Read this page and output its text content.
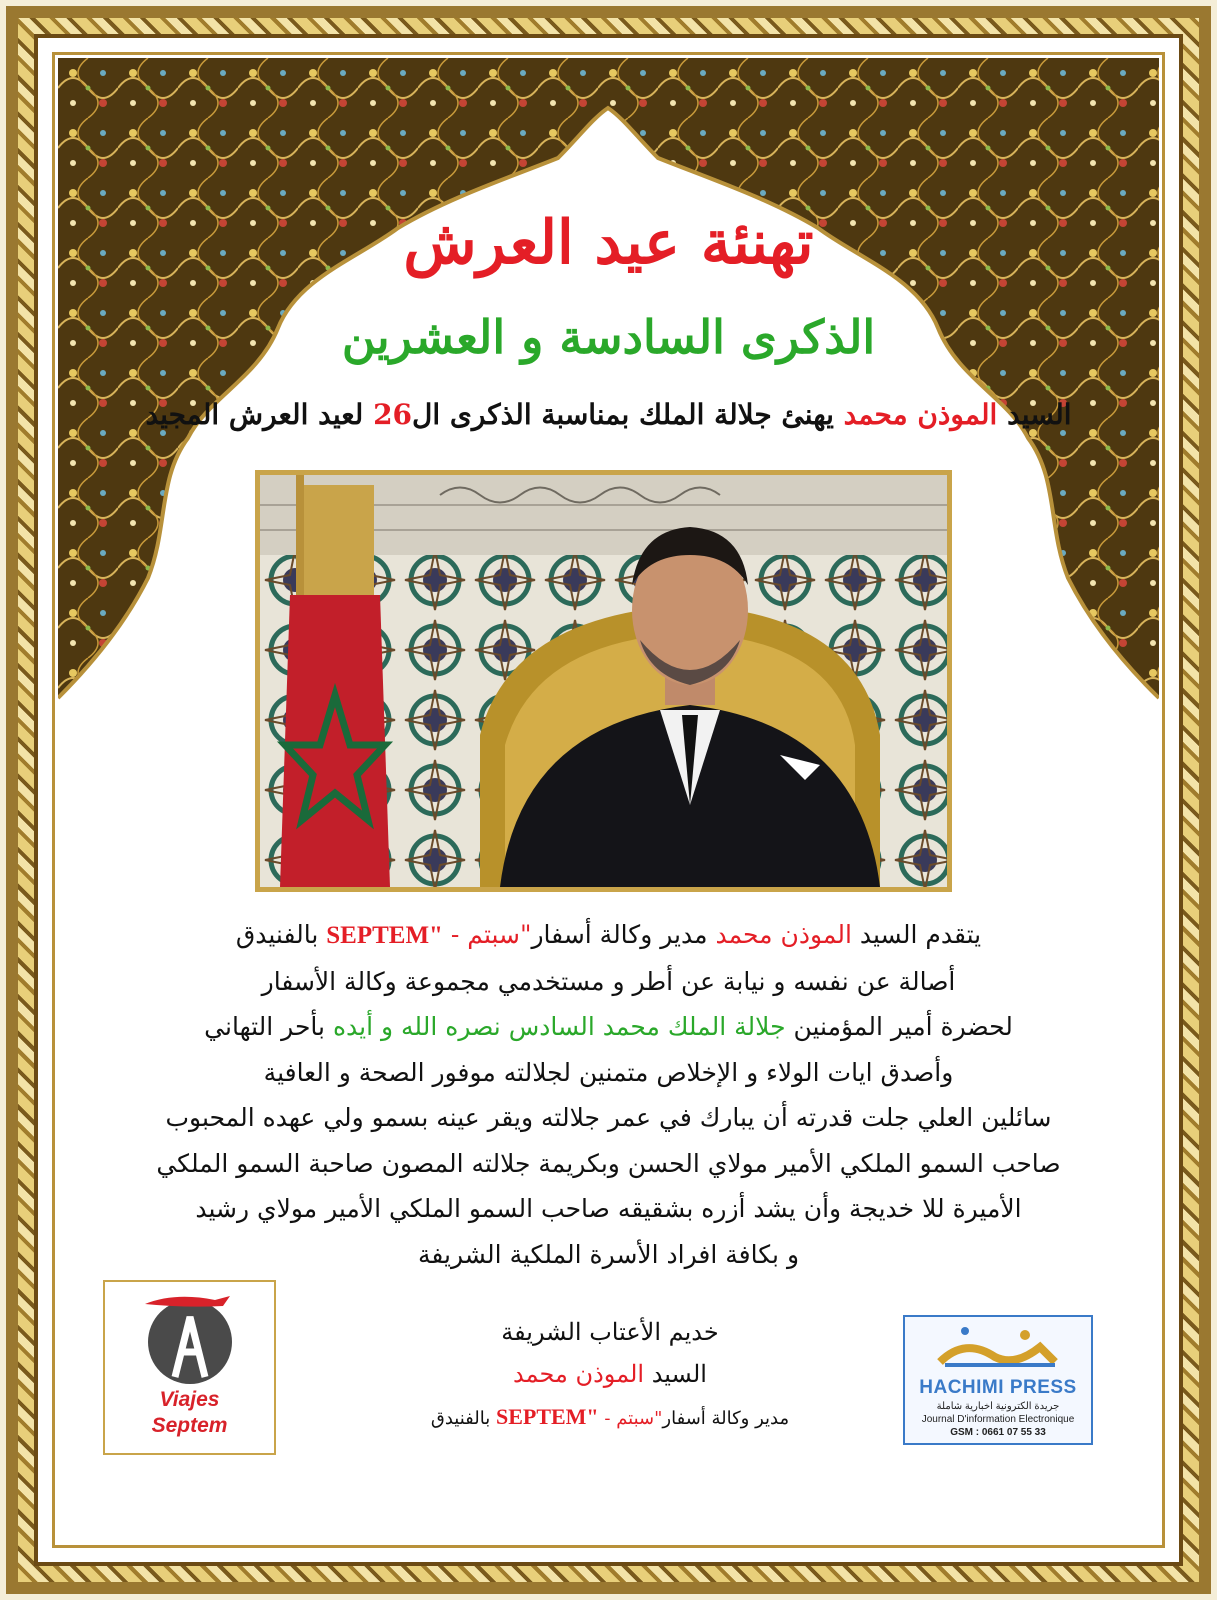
تهنئة عيد العرش
الذكرى السادسة و العشرين
السيد الموذن محمد يهنئ جلالة الملك بمناسبة الذكرى ال26 لعيد العرش المجيد
يتقدم السيد الموذن محمد مدير وكالة أسفار"سبتم - SEPTEM" بالفنيدق
أصالة عن نفسه و نيابة عن أطر و مستخدمي مجموعة وكالة الأسفار
لحضرة أمير المؤمنين جلالة الملك محمد السادس نصره الله و أيده بأحر التهاني
وأصدق ايات الولاء و الإخلاص متمنين لجلالته موفور الصحة و العافية
سائلين العلي جلت قدرته أن يبارك في عمر جلالته ويقر عينه بسمو ولي عهده المحبوب
صاحب السمو الملكي الأمير مولاي الحسن وبكريمة جلالته المصون صاحبة السمو الملكي
الأميرة للا خديجة وأن يشد أزره بشقيقه صاحب السمو الملكي الأمير مولاي رشيد
و بكافة افراد الأسرة الملكية الشريفة
Viajes
Septem
خديم الأعتاب الشريفة
السيد الموذن محمد
مدير وكالة أسفار"سبتم - SEPTEM" بالفنيدق
HACHIMI PRESS
جريدة الكترونية اخبارية شاملة
Journal D'information Electronique
GSM : 0661 07 55 33
